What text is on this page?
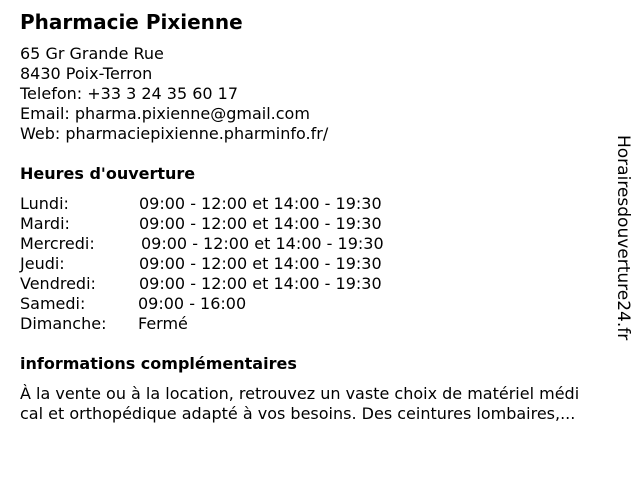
Pharmacie Pixienne
65 Gr Grande Rue
8430 Poix-Terron
Telefon: +33 3 24 35 60 17
Email: pharma.pixienne@gmail.com
Web: pharmaciepixienne.pharminfo.fr/
Heures d'ouverture
Lundi:	09:00 - 12:00 et 14:00 - 19:30
Mardi:	09:00 - 12:00 et 14:00 - 19:30
Mercredi:	09:00 - 12:00 et 14:00 - 19:30
Jeudi:	09:00 - 12:00 et 14:00 - 19:30
Vendredi:	09:00 - 12:00 et 14:00 - 19:30
Samedi:	09:00 - 16:00
Dimanche:	Fermé
informations complémentaires
À la vente ou à la location, retrouvez un vaste choix de matériel médi
cal et orthopédique adapté à vos besoins. Des ceintures lombaires,...
Horairesdouverture24.fr
